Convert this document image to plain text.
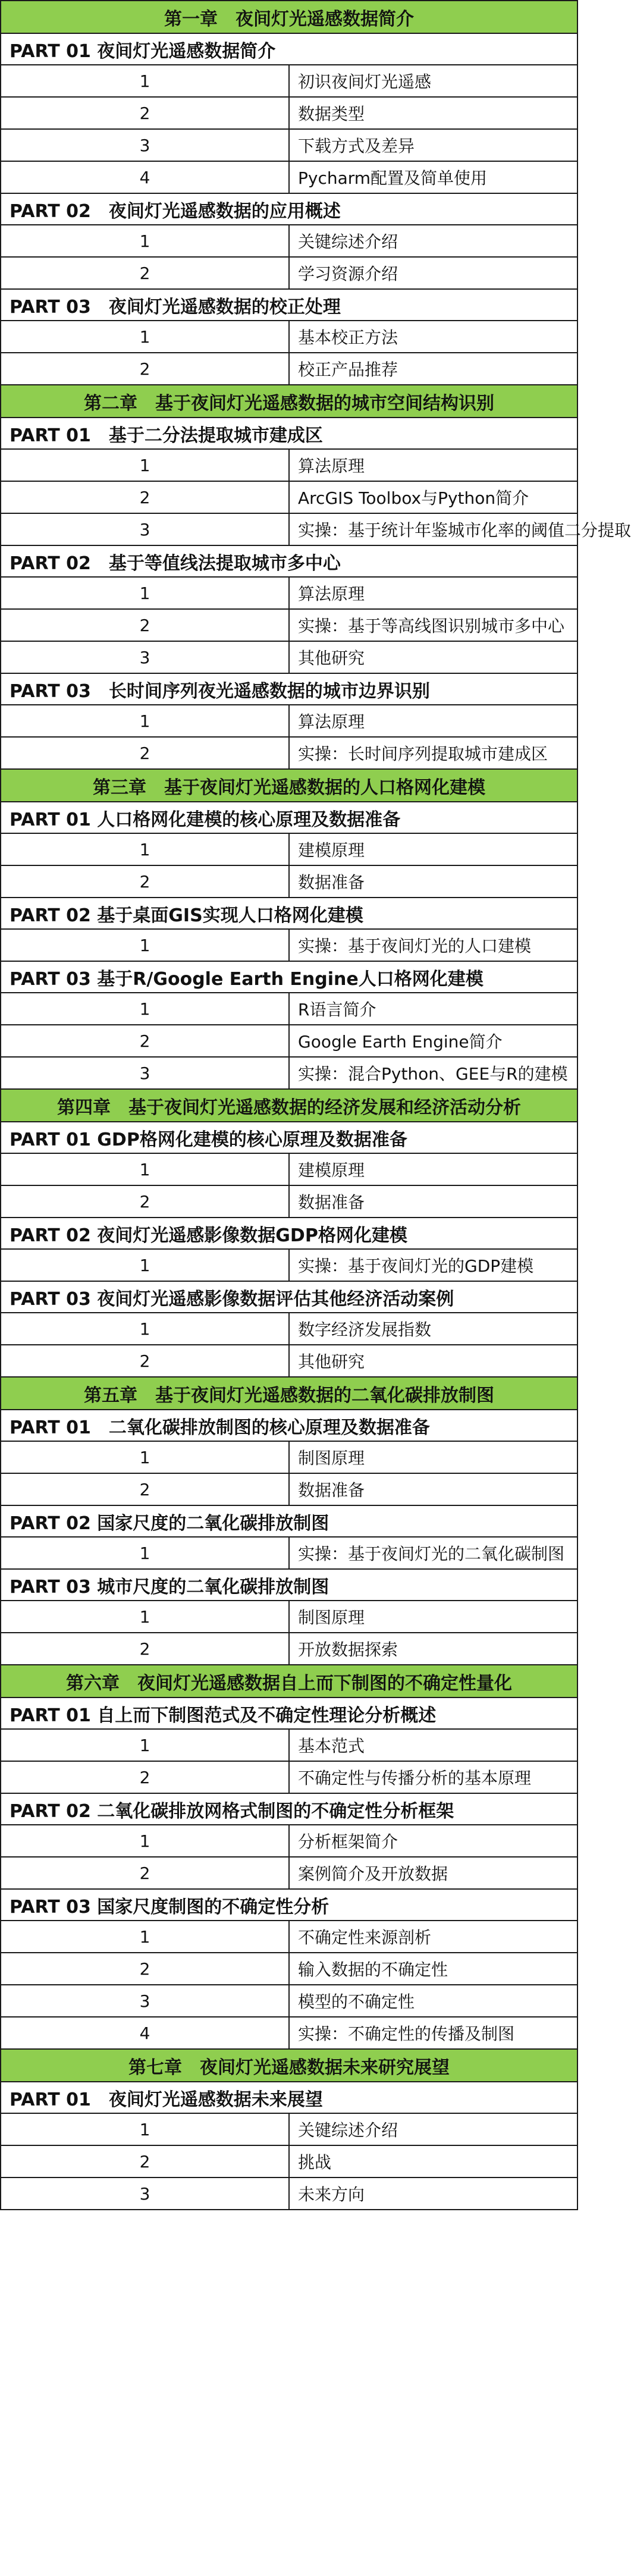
第一章　夜间灯光遥感数据简介	
PART 01 夜间灯光遥感数据简介	
1	初识夜间灯光遥感
2	数据类型
3	下载方式及差异
4	Pycharm配置及简单使用
PART 02　夜间灯光遥感数据的应用概述	
1	关键综述介绍
2	学习资源介绍
PART 03　夜间灯光遥感数据的校正处理	
1	基本校正方法
2	校正产品推荐
第二章　基于夜间灯光遥感数据的城市空间结构识别	
PART 01　基于二分法提取城市建成区	
1	算法原理
2	ArcGIS Toolbox与Python简介
3	实操：基于统计年鉴城市化率的阈值二分提取
PART 02　基于等值线法提取城市多中心	
1	算法原理
2	实操：基于等高线图识别城市多中心
3	其他研究
PART 03　长时间序列夜光遥感数据的城市边界识别	
1	算法原理
2	实操：长时间序列提取城市建成区
第三章　基于夜间灯光遥感数据的人口格网化建模	
PART 01 人口格网化建模的核心原理及数据准备	
1	建模原理
2	数据准备
PART 02 基于桌面GIS实现人口格网化建模	
1	实操：基于夜间灯光的人口建模
PART 03 基于R/Google Earth Engine人口格网化建模	
1	R语言简介
2	Google Earth Engine简介
3	实操：混合Python、GEE与R的建模
第四章　基于夜间灯光遥感数据的经济发展和经济活动分析	
PART 01 GDP格网化建模的核心原理及数据准备	
1	建模原理
2	数据准备
PART 02 夜间灯光遥感影像数据GDP格网化建模	
1	实操：基于夜间灯光的GDP建模
PART 03 夜间灯光遥感影像数据评估其他经济活动案例	
1	数字经济发展指数
2	其他研究
第五章　基于夜间灯光遥感数据的二氧化碳排放制图	
PART 01　二氧化碳排放制图的核心原理及数据准备	
1	制图原理
2	数据准备
PART 02 国家尺度的二氧化碳排放制图	
1	实操：基于夜间灯光的二氧化碳制图
PART 03 城市尺度的二氧化碳排放制图	
1	制图原理
2	开放数据探索
第六章　夜间灯光遥感数据自上而下制图的不确定性量化	
PART 01 自上而下制图范式及不确定性理论分析概述	
1	基本范式
2	不确定性与传播分析的基本原理
PART 02 二氧化碳排放网格式制图的不确定性分析框架	
1	分析框架简介
2	案例简介及开放数据
PART 03 国家尺度制图的不确定性分析	
1	不确定性来源剖析
2	输入数据的不确定性
3	模型的不确定性
4	实操：不确定性的传播及制图
第七章　夜间灯光遥感数据未来研究展望	
PART 01　夜间灯光遥感数据未来展望	
1	关键综述介绍
2	挑战
3	未来方向
